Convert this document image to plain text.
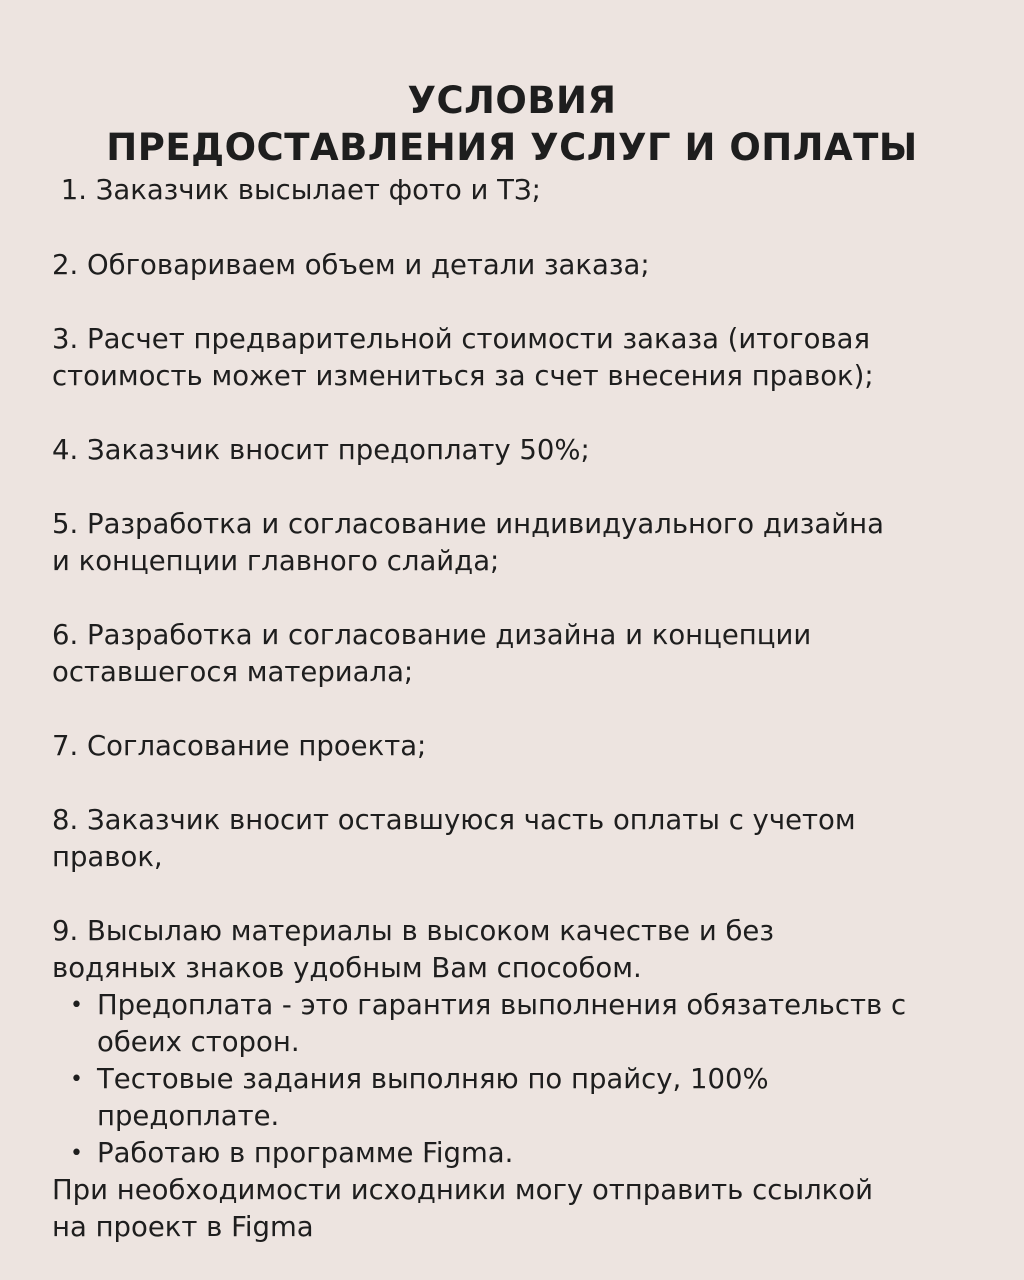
УСЛОВИЯ
ПРЕДОСТАВЛЕНИЯ УСЛУГ И ОПЛАТЫ

1. Заказчик высылает фото и ТЗ;

2. Обговариваем объем и детали заказа;

3. Расчет предварительной стоимости заказа (итоговая
стоимость может измениться за счет внесения правок);

4. Заказчик вносит предоплату 50%;

5. Разработка и согласование индивидуального дизайна
и концепции главного слайда;

6. Разработка и согласование дизайна и концепции
оставшегося материала;

7. Согласование проекта;

8. Заказчик вносит оставшуюся часть оплаты с учетом
правок,

9. Высылаю материалы в высоком качестве и без
водяных знаков удобным Вам способом.

• Предоплата - это гарантия выполнения обязательств с
обеих сторон.
• Тестовые задания выполняю по прайсу, 100%
предоплате.
• Работаю в программе Figma.

При необходимости исходники могу отправить ссылкой
на проект в Figma
